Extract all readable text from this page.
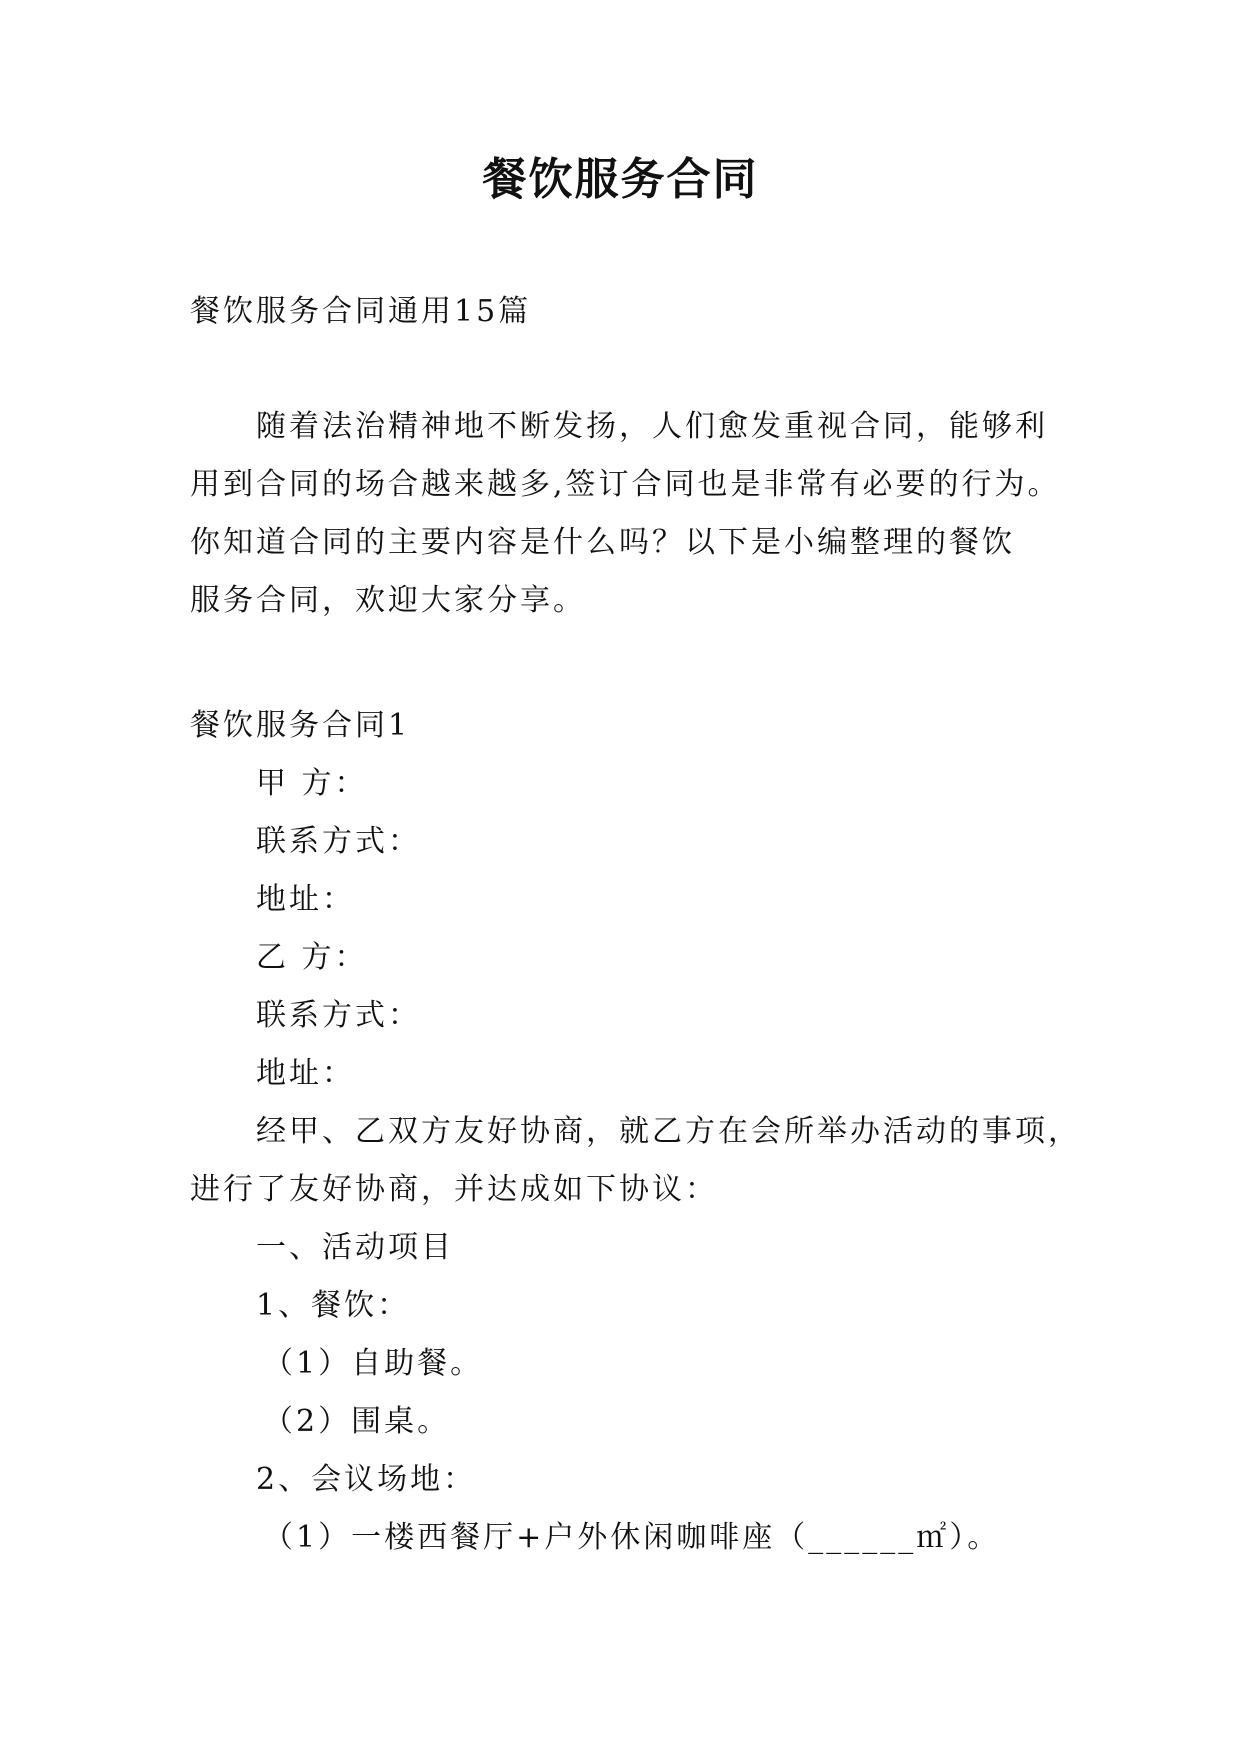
餐饮服务合同
餐饮服务合同通用15篇
随着法治精神地不断发扬，人们愈发重视合同，能够利
用到合同的场合越来越多,签订合同也是非常有必要的行为。
你知道合同的主要内容是什么吗？以下是小编整理的餐饮
服务合同，欢迎大家分享。
餐饮服务合同1
甲 方：
联系方式：
地址：
乙 方：
联系方式：
地址：
经甲、乙双方友好协商，就乙方在会所举办活动的事项，
进行了友好协商，并达成如下协议：
一、活动项目
1、餐饮：
（1）自助餐。
（2）围桌。
2、会议场地：
（1）一楼西餐厅+户外休闲咖啡座（______㎡）。
